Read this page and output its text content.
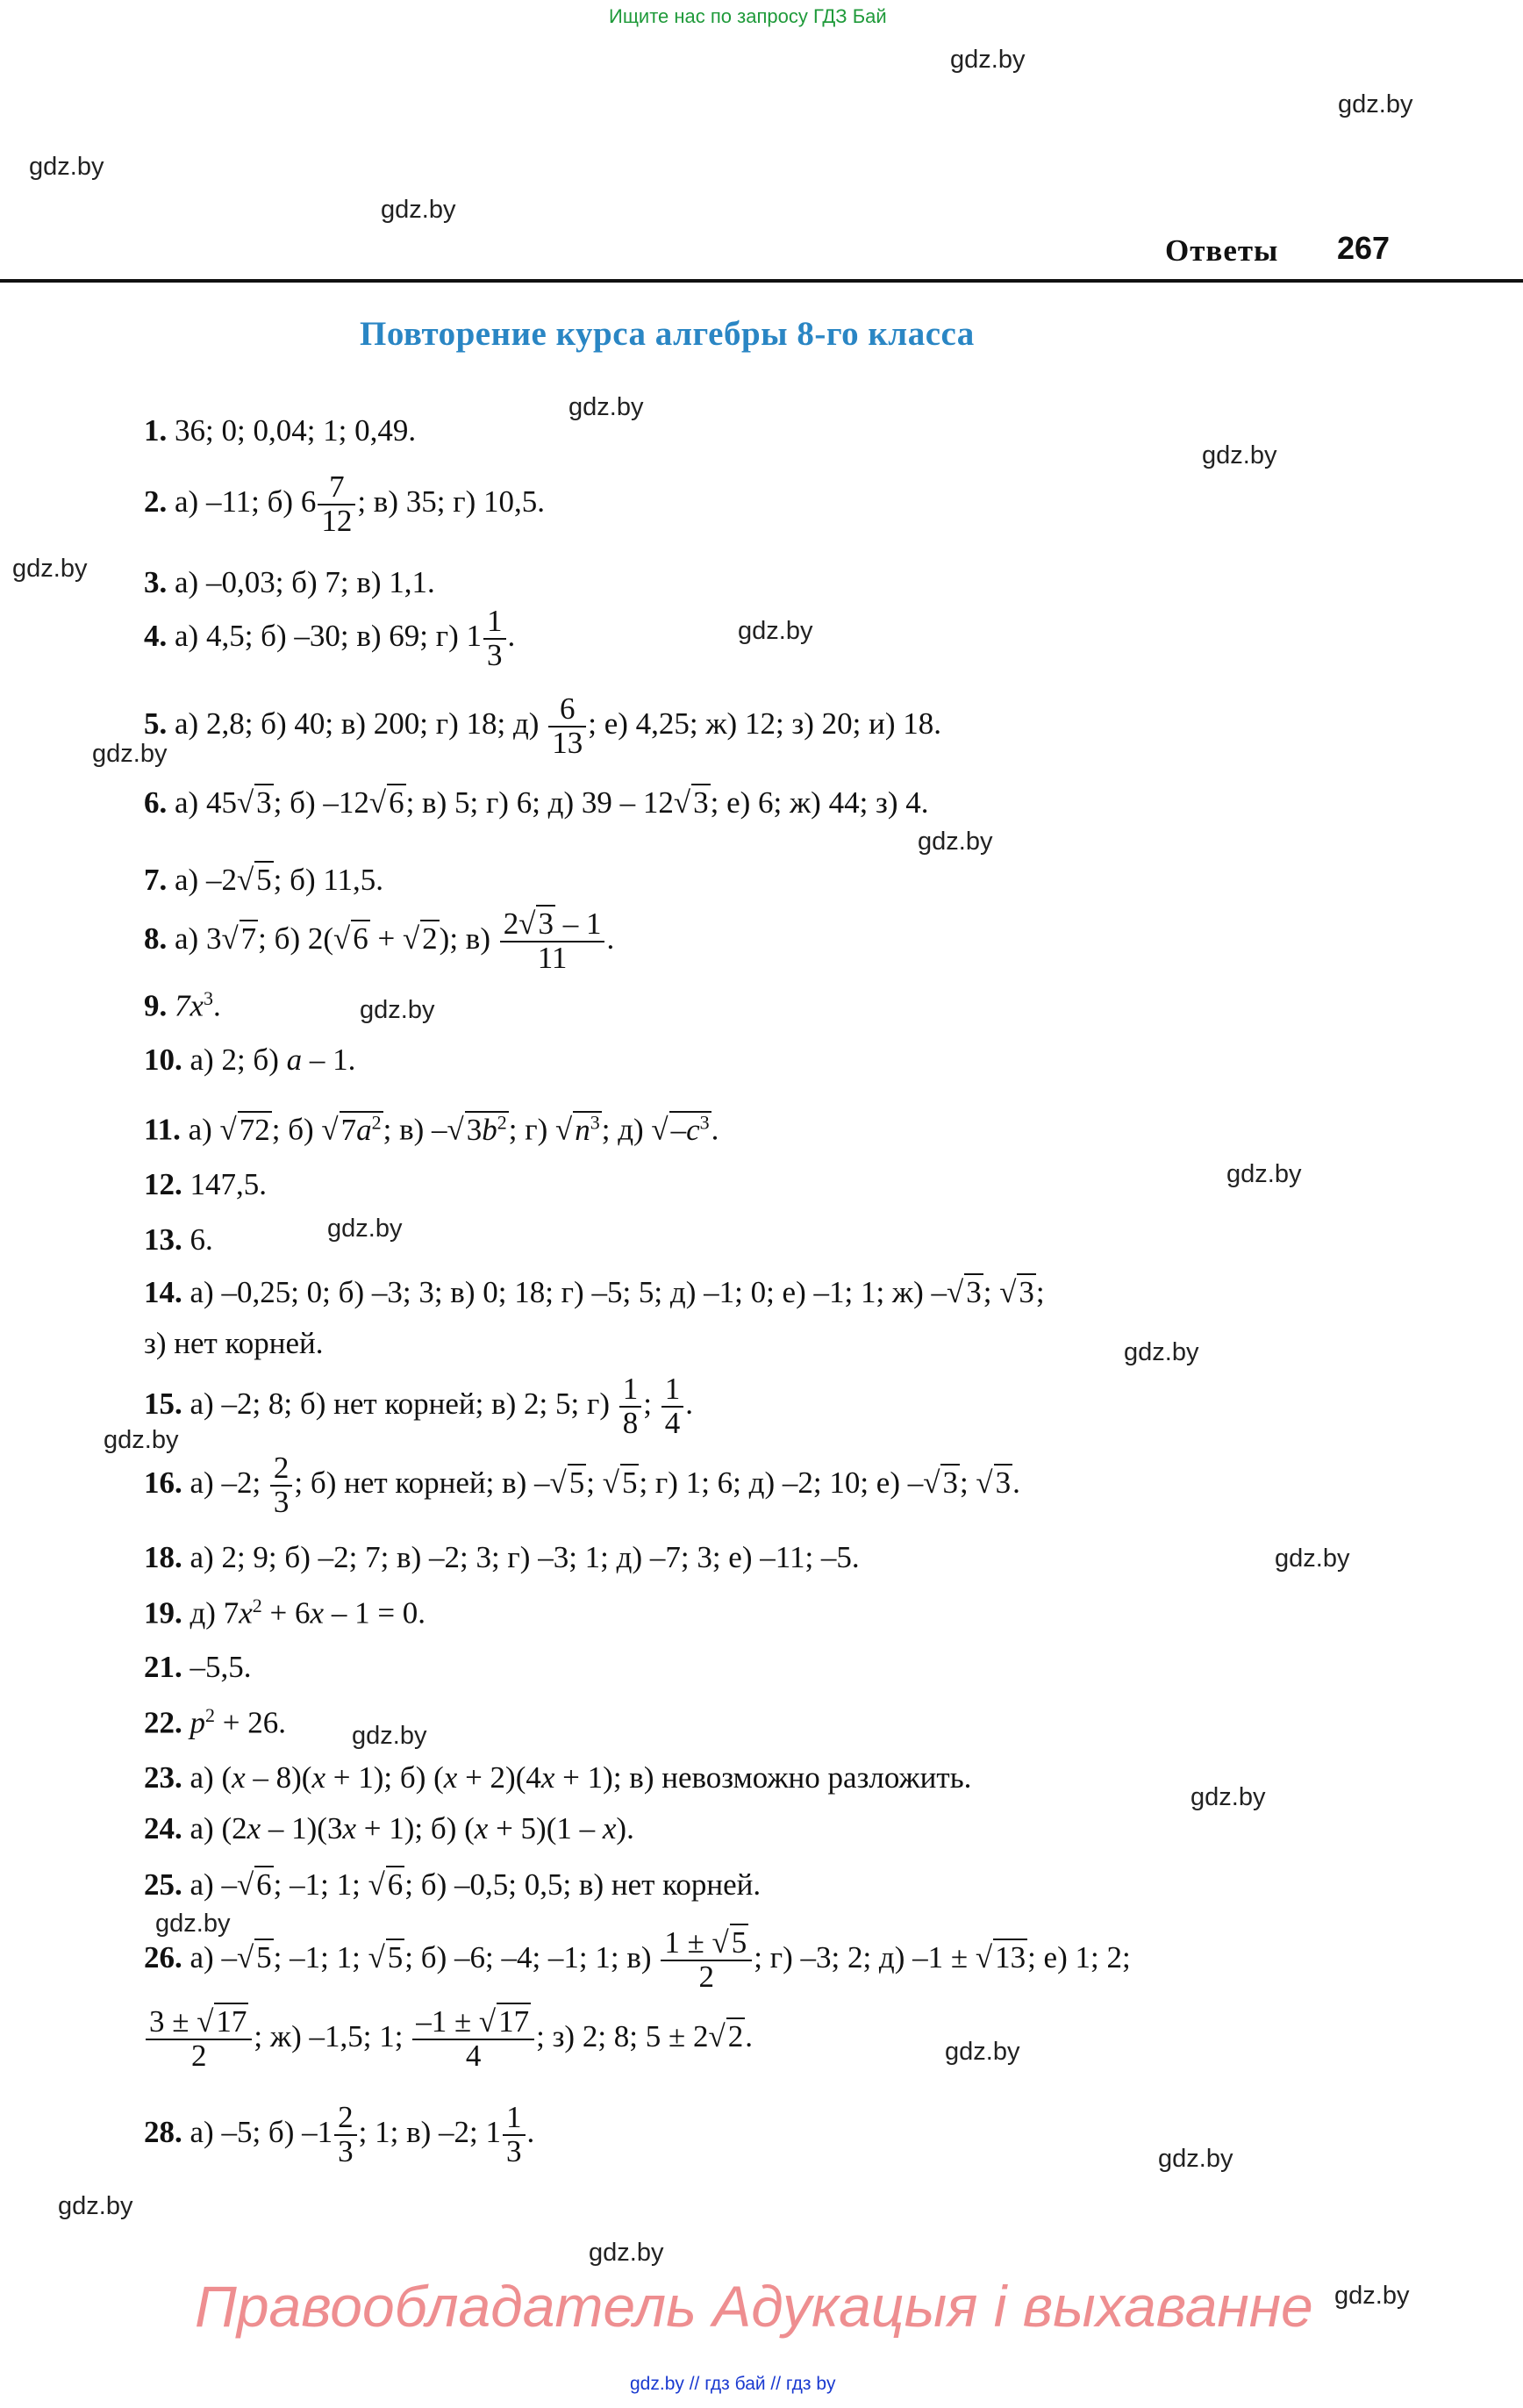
Ищите нас по запросу ГДЗ Бай
gdz.by
gdz.by
gdz.by
gdz.by
gdz.by
gdz.by
gdz.by
gdz.by
gdz.by
gdz.by
gdz.by
gdz.by
gdz.by
gdz.by
gdz.by
gdz.by
gdz.by
gdz.by
gdz.by
gdz.by
gdz.by
gdz.by
gdz.by
gdz.by
Ответы 267
Повторение курса алгебры 8-го класса
1. 36; 0; 0,04; 1; 0,49.
2. а) –11; б) $6 \frac{7}{12}$ ; в) 35; г) 10,5.
3. а) –0,03; б) 7; в) 1,1.
4. а) 4,5; б) –30; в) 69; г) $1 \frac{1}{3}$ .
5. а) 2,8; б) 40; в) 200; г) 18; $д) \frac{6}{13}$ ; е) 4,25; ж) 12; з) 20; и) 18.
6. а) 45√3; б) –12√6; в) 5; г) 6; д) 39 – 12√3; е) 6; ж) 44; з) 4.
7. а) –2√5; б) 11,5.
8. а) 3√7; б) 2(√6 + √2); $в) \frac{2√3 - 1}{11}$ .
9. $7x^3$.
10. а) 2; б) a – 1.
11. а) √72; б) $√7a^2$; в) $-√3b^2$; г) $√n^3$; д) $√-c^3$.
12. 147,5.
13. 6.
14. а) –0,25; 0; б) –3; 3; в) 0; 18; г) –5; 5; д) –1; 0; е) –1; 1; ж) –√3; √3;
з) нет корней.
15. а) –2; 8; б) нет корней; в) 2; 5; $г) \frac{1}{8}$ ; $\frac{1}{4}$ .
16. а) –2; $\frac{2}{3}$ ; б) нет корней; в) –√5; √5; г) 1; 6; д) –2; 10; е) –√3; √3.
18. а) 2; 9; б) –2; 7; в) –2; 3; г) –3; 1; д) –7; 3; е) –11; –5.
19. д) $7x^2 + 6x - 1 = 0$.
21. –5,5.
22. $p^2 + 26$.
23. а) (x – 8)(x + 1); б) (x + 2)(4x + 1); в) невозможно разложить.
24. а) (2x – 1)(3x + 1); б) (x + 5)(1 – x).
25. а) –√6; –1; 1; √6; б) –0,5; 0,5; в) нет корней.
26. а) –√5; –1; 1; √5; б) –6; –4; –1; 1; $в) \frac{1 \pm √5}{2}$ ; г) –3; 2; д) –1 ± √13; е) 1; 2;
$\frac{3 \pm √17}{2}$ ; ж) –1,5; 1; $\frac{-1 \pm √17}{4}$ ; з) 2; 8; 5 ± 2√2.
28. а) –5; б) $-1 \frac{2}{3}$ ; 1; в) –2; $1 \frac{1}{3}$ .
Правообладатель Адукацыя і выхаванне
gdz.by // гдз бай // гдз by
